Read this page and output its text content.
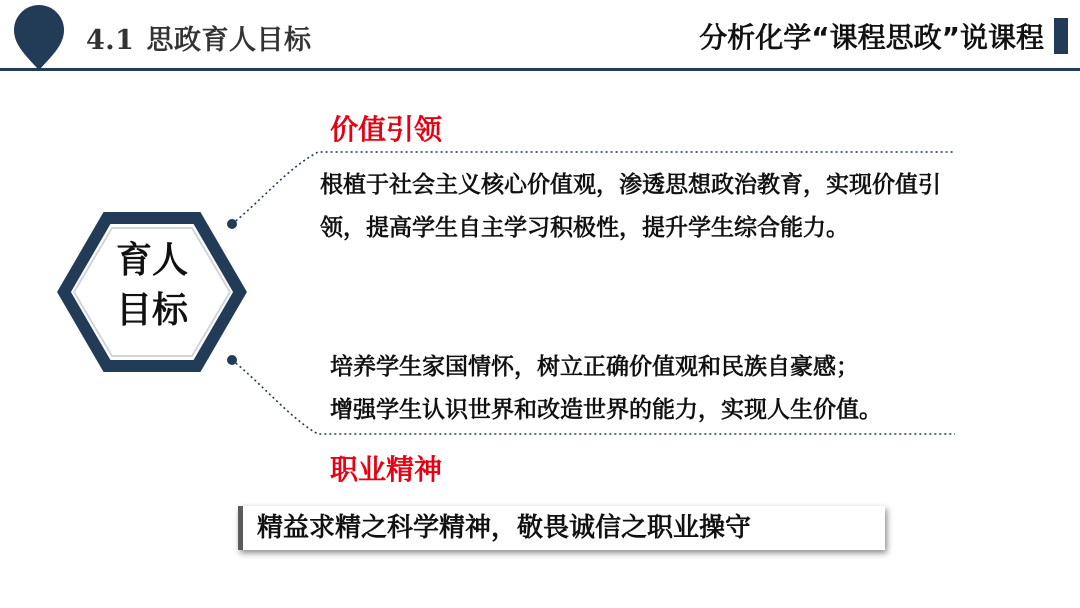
4.1 思政育人目标	分析化学“课程思政”说课程
育人
目标
价值引领
根植于社会主义核心价值观，渗透思想政治教育，实现价值引领，提高学生自主学习积极性，提升学生综合能力。
培养学生家国情怀，树立正确价值观和民族自豪感；
增强学生认识世界和改造世界的能力，实现人生价值。
职业精神
精益求精之科学精神，敬畏诚信之职业操守
